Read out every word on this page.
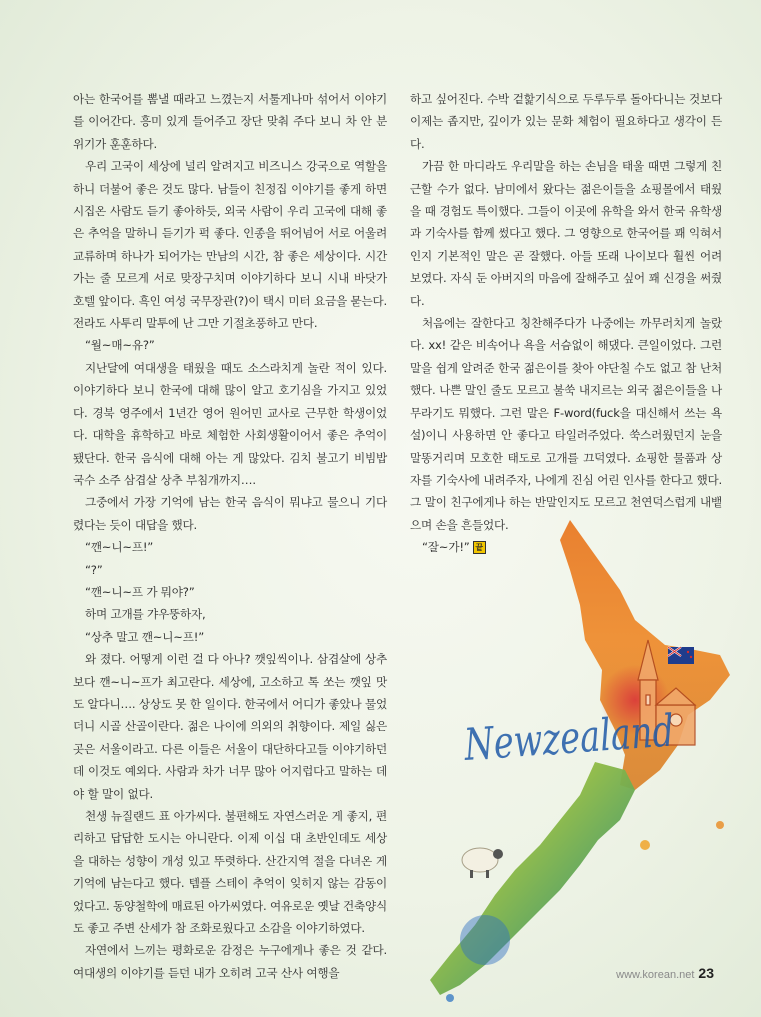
아는 한국어를 뽐낼 때라고 느꼈는지 서툴게나마 섞어서 이야기를 이어간다. 흥미 있게 들어주고 장단 맞춰 주다 보니 차 안 분위기가 훈훈하다.

우리 고국이 세상에 널리 알려지고 비즈니스 강국으로 역할을 하니 더불어 좋은 것도 많다. 남들이 친정집 이야기를 좋게 하면 시집온 사람도 듣기 좋아하듯, 외국 사람이 우리 고국에 대해 좋은 추억을 말하니 듣기가 퍽 좋다. 인종을 뛰어넘어 서로 어울려 교류하며 하나가 되어가는 만남의 시간, 참 좋은 세상이다. 시간 가는 줄 모르게 서로 맞장구치며 이야기하다 보니 시내 바닷가 호텔 앞이다. 흑인 여성 국무장관(?)이 택시 미터 요금을 묻는다. 전라도 사투리 말투에 난 그만 기절초풍하고 만다.

“월~매~유?”

지난달에 여대생을 태웠을 때도 소스라치게 놀란 적이 있다. 이야기하다 보니 한국에 대해 많이 알고 호기심을 가지고 있었다. 경북 영주에서 1년간 영어 원어민 교사로 근무한 학생이었다. 대학을 휴학하고 바로 체험한 사회생활이어서 좋은 추억이 됐단다. 한국 음식에 대해 아는 게 많았다. 김치 불고기 비빔밥 국수 소주 삼겹살 상추 부침개까지….

그중에서 가장 기억에 남는 한국 음식이 뭐냐고 물으니 기다렸다는 듯이 대답을 했다.

“깬~니~프!”

“?”

“깬~니~프 가 뭐야?”

하며 고개를 갸우뚱하자,

“상추 말고 깬~니~프!”

와 졌다. 어떻게 이런 걸 다 아나? 깻잎씩이나. 삼겹살에 상추보다 깬~니~프가 최고란다. 세상에, 고소하고 톡 쏘는 깻잎 맛도 알다니…. 상상도 못 한 일이다. 한국에서 어디가 좋았나 물었더니 시골 산골이란다. 젊은 나이에 의외의 취향이다. 제일 싫은 곳은 서울이라고. 다른 이들은 서울이 대단하다고들 이야기하던데 이것도 예외다. 사람과 차가 너무 많아 어지럽다고 말하는 데야 할 말이 없다.

천생 뉴질랜드 표 아가씨다. 불편해도 자연스러운 게 좋지, 편리하고 답답한 도시는 아니란다. 이제 이십 대 초반인데도 세상을 대하는 성향이 개성 있고 뚜렷하다. 산간지역 절을 다녀온 게 기억에 남는다고 했다. 템플 스테이 추억이 잊히지 않는 감동이었다고. 동양철학에 매료된 아가씨였다. 여유로운 옛날 건축양식도 좋고 주변 산세가 참 조화로웠다고 소감을 이야기하였다.

자연에서 느끼는 평화로운 감정은 누구에게나 좋은 것 같다. 여대생의 이야기를 듣던 내가 오히려 고국 산사 여행을

하고 싶어진다. 수박 겉핥기식으로 두루두루 돌아다니는 것보다 이제는 좁지만, 깊이가 있는 문화 체험이 필요하다고 생각이 든다.

가끔 한 마디라도 우리말을 하는 손님을 태울 때면 그렇게 친근할 수가 없다. 남미에서 왔다는 젊은이들을 쇼핑몰에서 태웠을 때 경험도 특이했다. 그들이 이곳에 유학을 와서 한국 유학생과 기숙사를 함께 썼다고 했다. 그 영향으로 한국어를 꽤 익혀서인지 기본적인 말은 곧 잘했다. 아들 또래 나이보다 훨씬 어려 보였다. 자식 둔 아버지의 마음에 잘해주고 싶어 꽤 신경을 써줬다.

처음에는 잘한다고 칭찬해주다가 나중에는 까무러치게 놀랐다. xx! 같은 비속어나 욕을 서슴없이 해댔다. 큰일이었다. 그런 말을 쉽게 알려준 한국 젊은이를 찾아 야단칠 수도 없고 참 난처했다. 나쁜 말인 줄도 모르고 불쑥 내지르는 외국 젊은이들을 나무라기도 뭐했다. 그런 말은 F-word(fuck을 대신해서 쓰는 욕설)이니 사용하면 안 좋다고 타일러주었다. 쑥스러웠던지 눈을 말똥거리며 모호한 태도로 고개를 끄덕였다. 쇼핑한 물품과 상자를 기숙사에 내려주자, 나에게 진심 어린 인사를 한다고 했다. 그 말이 친구에게나 하는 반말인지도 모르고 천연덕스럽게 내뱉으며 손을 흔들었다.

“잘~가!” 끝

Newzealand
www.korean.net 23
